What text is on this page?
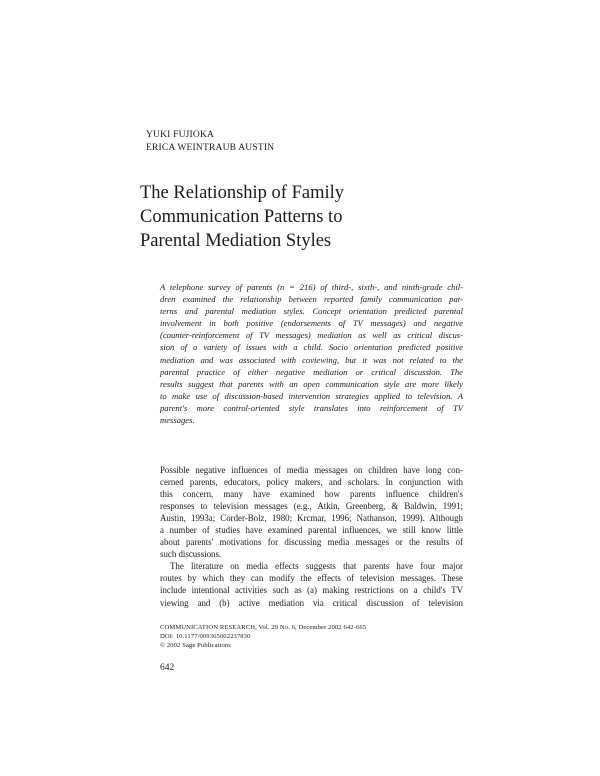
YUKI FUJIOKA
ERICA WEINTRAUB AUSTIN
The Relationship of Family
Communication Patterns to
Parental Mediation Styles
A telephone survey of parents (n = 216) of third-, sixth-, and ninth-grade chil-
dren examined the relationship between reported family communication pat-
terns and parental mediation styles. Concept orientation predicted parental
involvement in both positive (endorsements of TV messages) and negative
(counter-reinforcement of TV messages) mediation as well as critical discus-
sion of a variety of issues with a child. Socio orientation predicted positive
mediation and was associated with coviewing, but it was not related to the
parental practice of either negative mediation or critical discussion. The
results suggest that parents with an open communication style are more likely
to make use of discussion-based intervention strategies applied to television. A
parent's more control-oriented style translates into reinforcement of TV
messages.
Possible negative influences of media messages on children have long con-
cerned parents, educators, policy makers, and scholars. In conjunction with
this concern, many have examined how parents influence children's
responses to television messages (e.g., Atkin, Greenberg, & Baldwin, 1991;
Austin, 1993a; Corder-Bolz, 1980; Krcmar, 1996; Nathanson, 1999). Although
a number of studies have examined parental influences, we still know little
about parents' motivations for discussing media messages or the results of
such discussions.
The literature on media effects suggests that parents have four major
routes by which they can modify the effects of television messages. These
include intentional activities such as (a) making restrictions on a child's TV
viewing and (b) active mediation via critical discussion of television
COMMUNICATION RESEARCH, Vol. 29 No. 6, December 2002 642-665
DOI: 10.1177/009365002237830
© 2002 Sage Publications
642
